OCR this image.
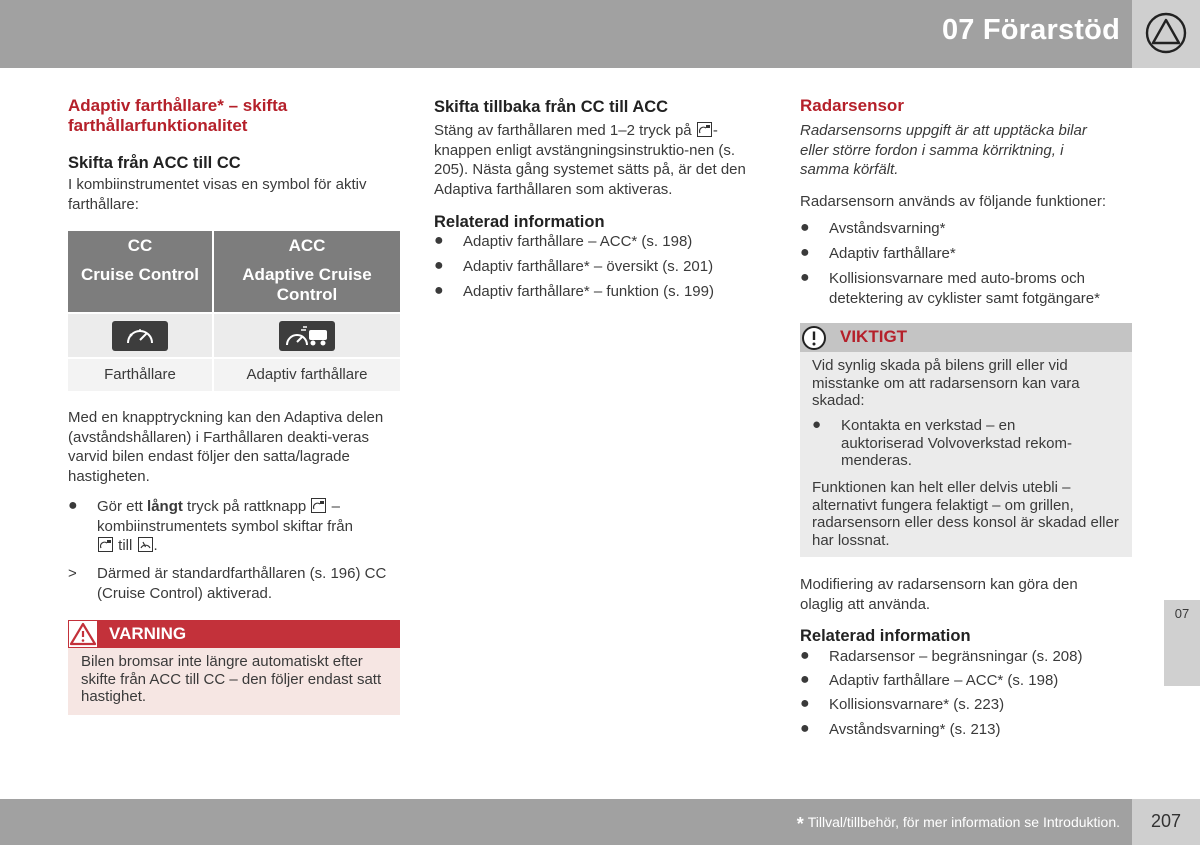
07 Förarstöd
Adaptiv farthållare* – skifta farthållarfunktionalitet
Skifta från ACC till CC
I kombiinstrumentet visas en symbol för aktiv farthållare:
CC
Cruise Control
ACC
Adaptive Cruise Control
Farthållare	Adaptiv farthållare
Med en knapptryckning kan den Adaptiva delen (avståndshållaren) i Farthållaren deakti-veras varvid bilen endast följer den satta/lagrade hastigheten.
● Gör ett långt tryck på rattknapp
–
kombiinstrumentets symbol skiftar från

till
.
> Därmed är standardfarthållaren (s. 196) CC (Cruise Control) aktiverad.
VARNING
Bilen bromsar inte längre automatiskt efter skifte från ACC till CC – den följer endast satt hastighet.
Skifta tillbaka från CC till ACC
Stäng av farthållaren med 1–2 tryck på - knappen enligt avstängningsinstruktio-nen (s. 205). Nästa gång systemet sätts på, är det den Adaptiva farthållaren som aktiveras.
Relaterad information
● Adaptiv farthållare – ACC* (s. 198)
● Adaptiv farthållare* – översikt (s. 201)
● Adaptiv farthållare* – funktion (s. 199)
Radarsensor
Radarsensorns uppgift är att upptäcka bilar eller större fordon i samma körriktning, i samma körfält.
Radarsensorn används av följande funktioner:
● Avståndsvarning*
● Adaptiv farthållare*
● Kollisionsvarnare med auto-broms och detektering av cyklister samt fotgängare*
VIKTIGT
Vid synlig skada på bilens grill eller vid misstanke om att radarsensorn kan vara skadad:
● Kontakta en verkstad – en auktoriserad Volvoverkstad rekom-menderas.
Funktionen kan helt eller delvis utebli – alternativt fungera felaktigt – om grillen, radarsensorn eller dess konsol är skadad eller har lossnat.
Modifiering av radarsensorn kan göra den olaglig att använda.
Relaterad information
● Radarsensor – begränsningar (s. 208)
● Adaptiv farthållare – ACC* (s. 198)
● Kollisionsvarnare* (s. 223)
● Avståndsvarning* (s. 213)
07
* Tillval/tillbehör, för mer information se Introduktion.	207
